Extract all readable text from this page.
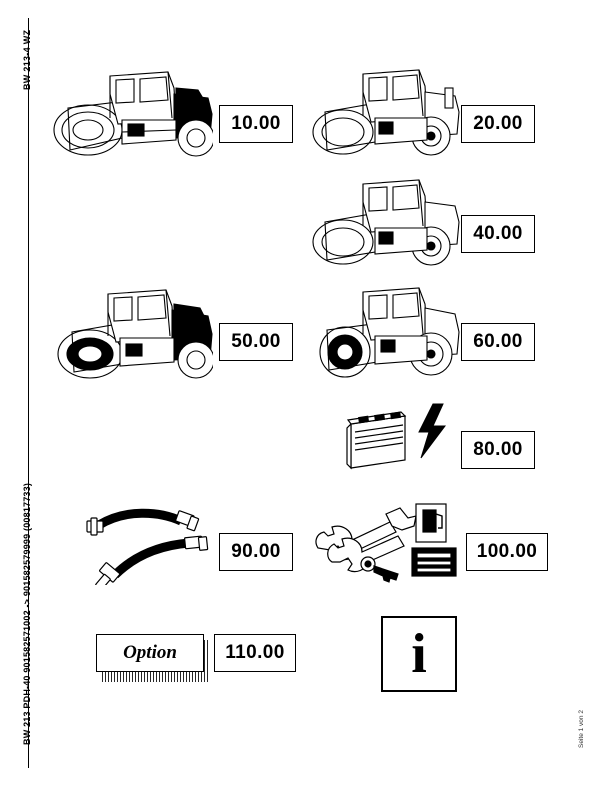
BW 213-4 WZ
BW 213 PDH-40 901582571002 -> 901582579999 (00817733)	Seite 1 von 2
10.00	20.00
40.00
50.00	60.00
80.00
90.00	100.00
Option	110.00 i
